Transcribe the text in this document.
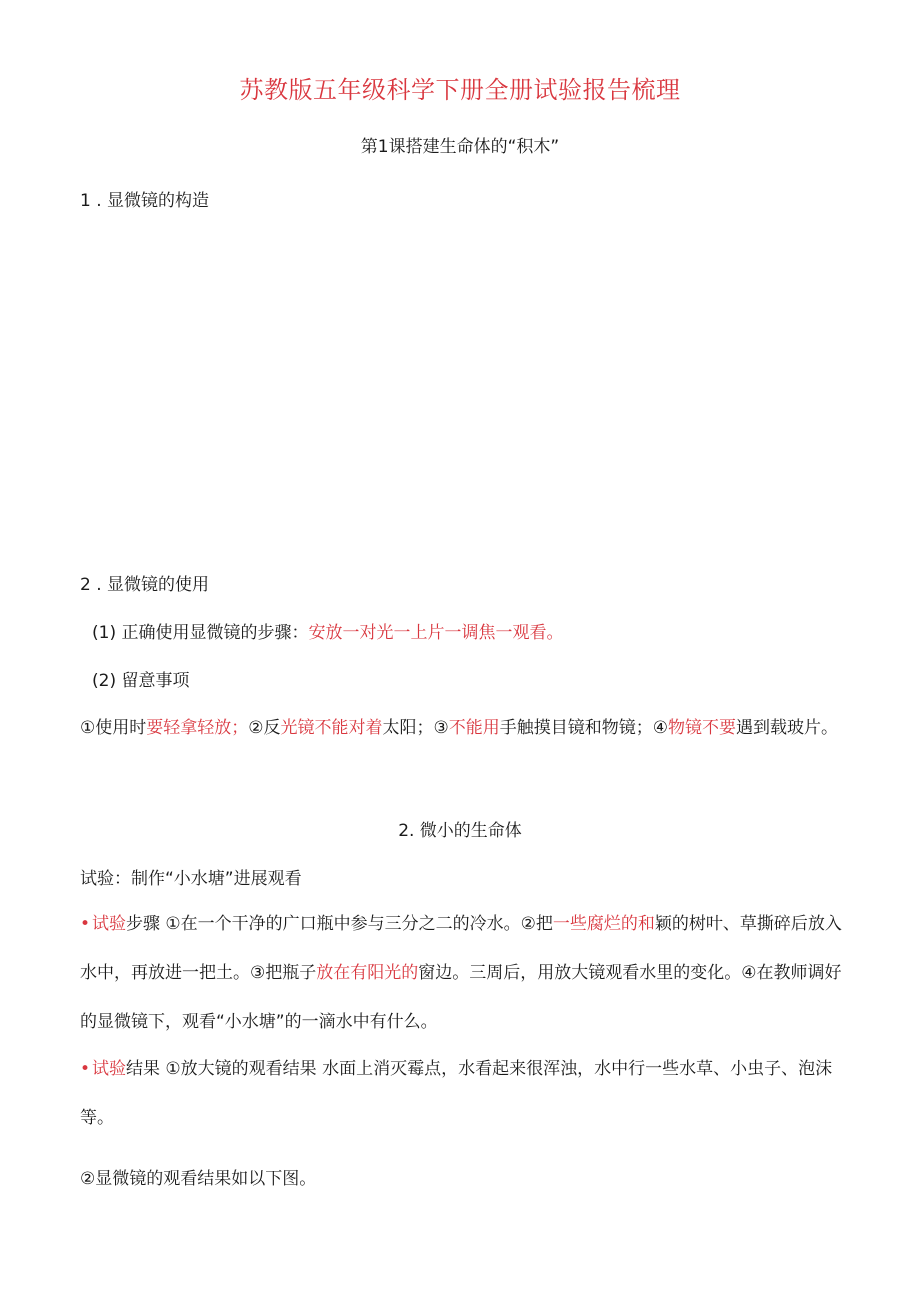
苏教版五年级科学下册全册试验报告梳理
第1课搭建生命体的“积木”
1 . 显微镜的构造
2 . 显微镜的使用
(1) 正确使用显微镜的步骤：安放一对光一上片一调焦一观看。
(2) 留意事项
①使用时要轻拿轻放；②反光镜不能对着太阳；③不能用手触摸目镜和物镜；④物镜不要遇到载玻片。
2. 微小的生命体
试验：制作“小水塘”进展观看
• 试验步骤 ①在一个干净的广口瓶中参与三分之二的冷水。②把一些腐烂的和颖的树叶、草撕碎后放入水中，再放进一把土。③把瓶子放在有阳光的窗边。三周后，用放大镜观看水里的变化。④在教师调好的显微镜下，观看“小水塘”的一滴水中有什么。
• 试验结果 ①放大镜的观看结果 水面上消灭霉点，水看起来很浑浊，水中行一些水草、小虫子、泡沫等。
②显微镜的观看结果如以下图。
